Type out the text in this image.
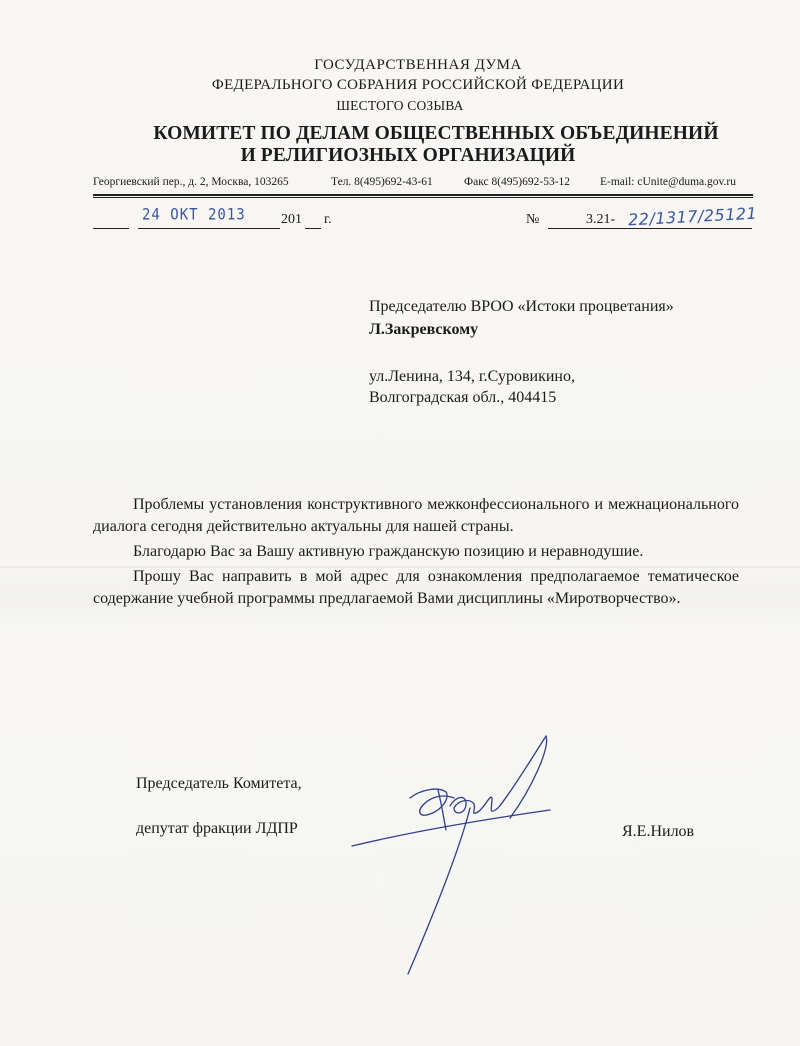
ГОСУДАРСТВЕННАЯ ДУМА
ФЕДЕРАЛЬНОГО СОБРАНИЯ РОССИЙСКОЙ ФЕДЕРАЦИИ
ШЕСТОГО СОЗЫВА
КОМИТЕТ ПО ДЕЛАМ ОБЩЕСТВЕННЫХ ОБЪЕДИНЕНИЙ
И РЕЛИГИОЗНЫХ ОРГАНИЗАЦИЙ
Георгиевский пер., д. 2, Москва, 103265	Тел. 8(495)692-43-61	Факс 8(495)692-53-12	E-mail: cUnite@duma.gov.ru
24 ОКТ 2013	201 г.	№	3.21- 22/1317/25121
Председателю ВРОО «Истоки процветания»
Л.Закревскому
ул.Ленина, 134, г.Суровикино,
Волгоградская обл., 404415

Проблемы установления конструктивного межконфессионального и межнационального диалога сегодня действительно актуальны для нашей страны.

Благодарю Вас за Вашу активную гражданскую позицию и неравнодушие.

Прошу Вас направить в мой адрес для ознакомления предполагаемое тематическое содержание учебной программы предлагаемой Вами дисциплины «Миротворчество».

Председатель Комитета,
депутат фракции ЛДПР	Я.Е.Нилов
